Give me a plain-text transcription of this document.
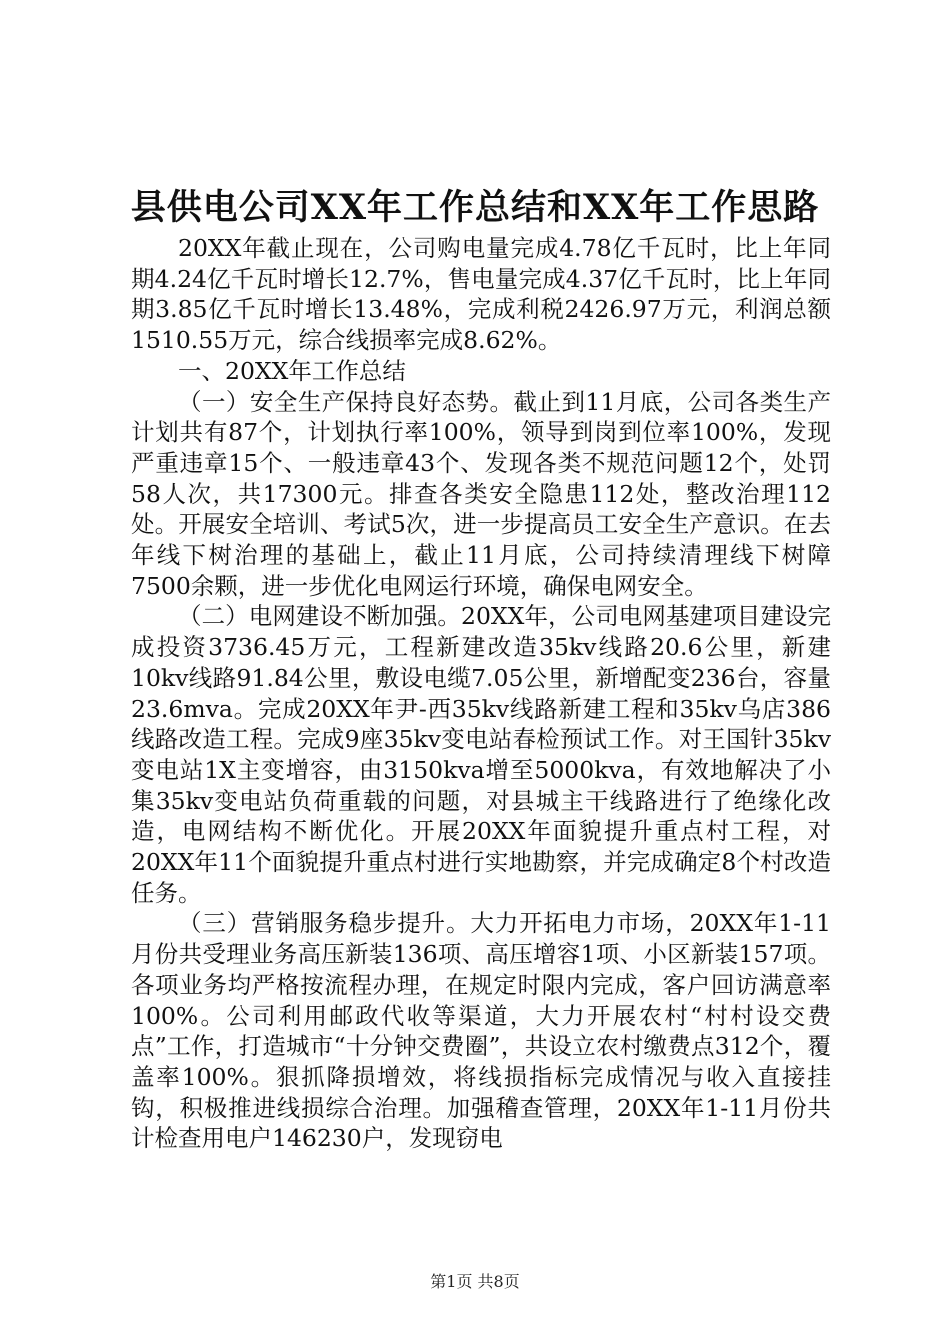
县供电公司XX年工作总结和XX年工作思路

20XX年截止现在，公司购电量完成4.78亿千瓦时，比上年同期4.24亿千瓦时增长12.7%，售电量完成4.37亿千瓦时，比上年同期3.85亿千瓦时增长13.48%，完成利税2426.97万元，利润总额1510.55万元，综合线损率完成8.62%。

一、20XX年工作总结

（一）安全生产保持良好态势。截止到11月底，公司各类生产计划共有87个，计划执行率100%，领导到岗到位率100%，发现严重违章15个、一般违章43个、发现各类不规范问题12个，处罚58人次，共17300元。排查各类安全隐患112处，整改治理112处。开展安全培训、考试5次，进一步提高员工安全生产意识。在去年线下树治理的基础上，截止11月底，公司持续清理线下树障7500余颗，进一步优化电网运行环境，确保电网安全。

（二）电网建设不断加强。20XX年，公司电网基建项目建设完成投资3736.45万元，工程新建改造35kv线路20.6公里，新建10kv线路91.84公里，敷设电缆7.05公里，新增配变236台，容量23.6mva。完成20XX年尹-西35kv线路新建工程和35kv乌店386线路改造工程。完成9座35kv变电站春检预试工作。对王国针35kv变电站1X主变增容，由3150kva增至5000kva，有效地解决了小集35kv变电站负荷重载的问题，对县城主干线路进行了绝缘化改造，电网结构不断优化。开展20XX年面貌提升重点村工程，对20XX年11个面貌提升重点村进行实地勘察，并完成确定8个村改造任务。

（三）营销服务稳步提升。大力开拓电力市场，20XX年1-11月份共受理业务高压新装136项、高压增容1项、小区新装157项。各项业务均严格按流程办理，在规定时限内完成，客户回访满意率100%。公司利用邮政代收等渠道，大力开展农村“村村设交费点”工作，打造城市“十分钟交费圈”，共设立农村缴费点312个，覆盖率100%。狠抓降损增效，将线损指标完成情况与收入直接挂钩，积极推进线损综合治理。加强稽查管理，20XX年1-11月份共计检查用电户146230户，发现窃电

第1页 共8页
